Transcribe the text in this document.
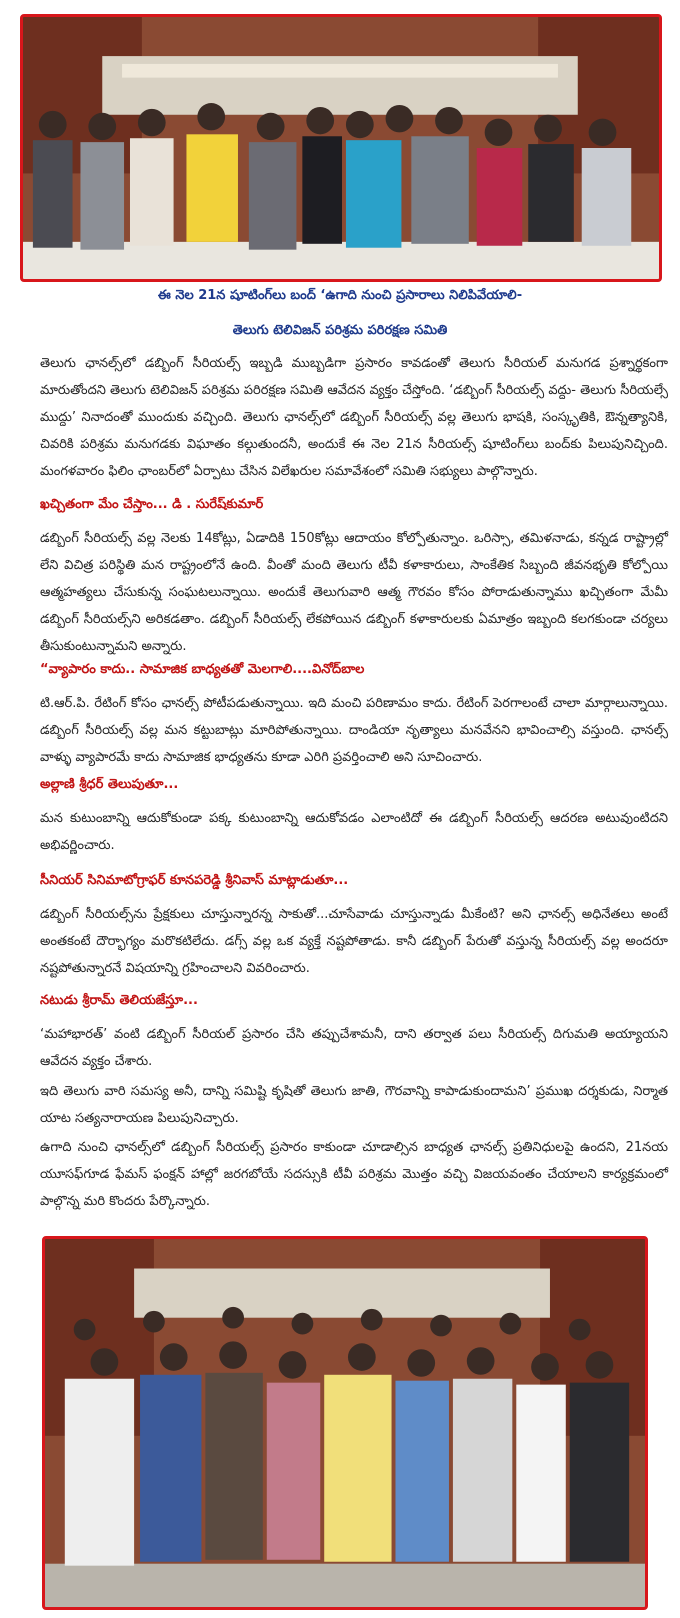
ఈ నెల 21న షూటింగ్‌లు బంద్‌ ‘ఉగాది నుంచి ప్రసారాలు నిలిపివేయాలి-
తెలుగు టెలివిజన్‌ పరిశ్రమ పరిరక్షణ సమితి

తెలుగు ఛానల్స్‌లో డబ్బింగ్‌ సీరియల్స్‌ ఇబ్బడి ముబ్బడిగా ప్రసారం కావడంతో తెలుగు సీరియల్‌ మనుగడ ప్రశ్నార్థకంగా మారుతోందని తెలుగు టెలివిజన్‌ పరిశ్రమ పరిరక్షణ సమితి ఆవేదన వ్యక్తం చేస్తోంది. ‘డబ్బింగ్‌ సీరియల్స్‌ వద్దు- తెలుగు సీరియల్సే ముద్దు’ నినాదంతో ముందుకు వచ్చింది. తెలుగు ఛానల్స్‌లో డబ్బింగ్‌ సీరియల్స్‌ వల్ల తెలుగు భాషకి, సంస్కృతికి, ఔన్నత్యానికి, చివరికి పరిశ్రమ మనుగడకు విఘాతం కల్గుతుందనీ, అందుకే ఈ నెల 21న సీరియల్స్‌ షూటింగ్‌లు బంద్‌కు పిలుపునిచ్చింది. మంగళవారం ఫిలిం ఛాంబర్‌లో ఏర్పాటు చేసిన విలేఖరుల సమావేశంలో సమితి సభ్యులు పాల్గొన్నారు.

ఖచ్చితంగా మేం చేస్తాం... డి . సురేష్‌కుమార్‌

డబ్బింగ్‌ సీరియల్స్‌ వల్ల నెలకు 14కోట్లు, ఏడాదికి 150కోట్లు ఆదాయం కోల్పోతున్నాం. ఒరిస్సా, తమిళనాడు, కన్నడ రాష్ట్రాల్లో లేని విచిత్ర పరిస్థితి మన రాష్ట్రంలోనే ఉంది. వీంతో మంది తెలుగు టీవీ కళాకారులు, సాంకేతిక సిబ్బంది జీవనభృతి కోల్పోయి ఆత్మహత్యలు చేసుకున్న సంఘటలున్నాయి. అందుకే తెలుగువారి ఆత్మ గౌరవం కోసం పోరాడుతున్నాము ఖచ్చితంగా మేమీ డబ్బింగ్‌ సీరియల్స్‌ని అరికడతాం. డబ్బింగ్‌ సీరియల్స్‌ లేకపోయిన డబ్బింగ్‌ కళాకారులకు ఏమాత్రం ఇబ్బంది కలగకుండా చర్యలు తీసుకుంటున్నామని అన్నారు.

“వ్యాపారం కాదు.. సామాజిక బాధ్యతతో మెలగాలి....వినోద్‌బాల

టి.ఆర్‌.పి. రేటింగ్‌ కోసం ఛానల్స్‌ పోటీపడుతున్నాయి. ఇది మంచి పరిణామం కాదు. రేటింగ్‌ పెరగాలంటే చాలా మార్గాలున్నాయి. డబ్బింగ్‌ సీరియల్స్‌ వల్ల మన కట్టుబాట్లు మారిపోతున్నాయి. దాండియా నృత్యాలు మనవేనని భావించాల్సి వస్తుంది. ఛానల్స్‌ వాళ్ళు వ్యాపారమే కాదు సామాజిక భాధ్యతను కూడా ఎరిగి ప్రవర్తించాలి అని సూచించారు.

అల్లాణి శ్రీధర్‌ తెలుపుతూ...

మన కుటుంబాన్ని ఆదుకోకుండా పక్క కుటుంబాన్ని ఆదుకోవడం ఎలాంటిదో ఈ డబ్బింగ్‌ సీరియల్స్‌ ఆదరణ అటువుంటిదని అభివర్ణించారు.

సీనియర్‌ సినిమాటోగ్రాఫర్‌ కూనపరెడ్డి శ్రీనివాస్‌ మాట్లాడుతూ...

డబ్బింగ్‌ సీరియల్స్‌ను ప్రేక్షకులు చూస్తున్నారన్న సాకుతో...చూసేవాడు చూస్తున్నాడు మీకేంటి? అని ఛానల్స్‌ అధినేతలు అంటే అంతకంటే దౌర్భాగ్యం మరొకటిలేదు. డగ్స్‌ వల్ల ఒక వ్యక్తే నష్టపోతాడు. కానీ డబ్బింగ్‌ పేరుతో వస్తున్న సీరియల్స్‌ వల్ల అందరూ నష్టపోతున్నారనే విషయాన్ని గ్రహించాలని వివరించారు.

నటుడు శ్రీరామ్‌ తెలియజేస్తూ...

‘మహాభారత్‌’ వంటి డబ్బింగ్‌ సీరియల్‌ ప్రసారం చేసి తప్పుచేశామనీ, దాని తర్వాత పలు సీరియల్స్‌ దిగుమతి అయ్యాయని ఆవేదన వ్యక్తం చేశారు.

ఇది తెలుగు వారి సమస్య అనీ, దాన్ని సమిష్టి కృషితో తెలుగు జాతి, గౌరవాన్ని కాపాడుకుందామని’ ప్రముఖ దర్శకుడు, నిర్మాత యాట సత్యనారాయణ పిలుపునిచ్చారు.

ఉగాది నుంచి ఛానల్స్‌లో డబ్బింగ్‌ సీరియల్స్‌ ప్రసారం కాకుండా చూడాల్సిన బాధ్యత ఛానల్స్‌ ప్రతినిధులపై ఉందని, 21నయ యూసఫ్‌గూడ ఫేమస్‌ ఫంక్షన్‌ హాల్లో జరగబోయే సదస్సుకి టీవీ పరిశ్రమ మొత్తం వచ్చి విజయవంతం చేయాలని కార్యక్రమంలో పాల్గొన్న మరి కొందరు పేర్కొన్నారు.
